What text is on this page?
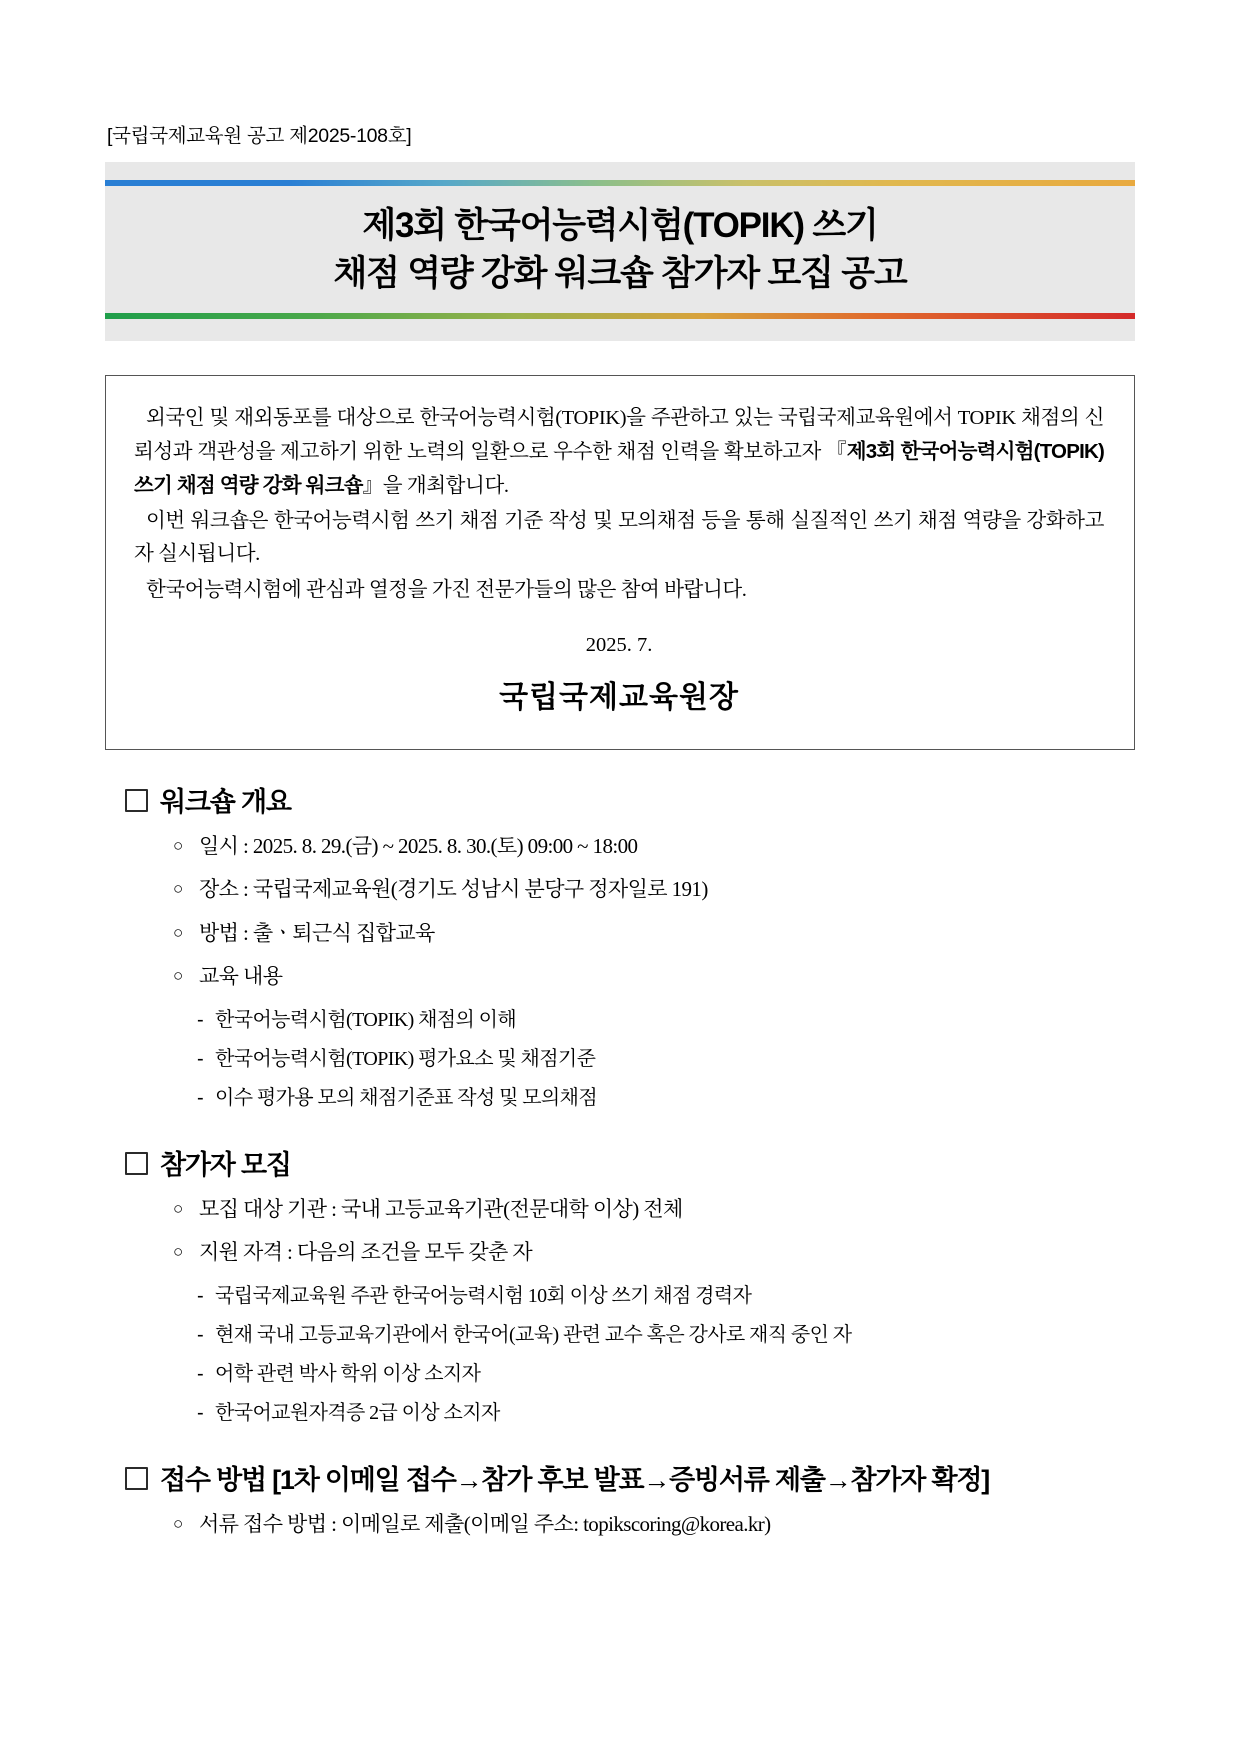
[국립국제교육원 공고 제2025-108호]
제3회 한국어능력시험(TOPIK) 쓰기
채점 역량 강화 워크숍 참가자 모집 공고

외국인 및 재외동포를 대상으로 한국어능력시험(TOPIK)을 주관하고 있는 국립국제교육원에서 TOPIK 채점의 신뢰성과 객관성을 제고하기 위한 노력의 일환으로 우수한 채점 인력을 확보하고자 『제3회 한국어능력시험(TOPIK) 쓰기 채점 역량 강화 워크숍』을 개최합니다.

이번 워크숍은 한국어능력시험 쓰기 채점 기준 작성 및 모의채점 등을 통해 실질적인 쓰기 채점 역량을 강화하고자 실시됩니다.

한국어능력시험에 관심과 열정을 가진 전문가들의 많은 참여 바랍니다.

2025. 7.
국립국제교육원장
워크숍 개요
○ 일시 : 2025. 8. 29.(금) ~ 2025. 8. 30.(토) 09:00 ~ 18:00
○ 장소 : 국립국제교육원(경기도 성남시 분당구 정자일로 191)
○ 방법 : 출ㆍ퇴근식 집합교육
○ 교육 내용
- 한국어능력시험(TOPIK) 채점의 이해
- 한국어능력시험(TOPIK) 평가요소 및 채점기준
- 이수 평가용 모의 채점기준표 작성 및 모의채점
참가자 모집
○ 모집 대상 기관 : 국내 고등교육기관(전문대학 이상) 전체
○ 지원 자격 : 다음의 조건을 모두 갖춘 자
- 국립국제교육원 주관 한국어능력시험 10회 이상 쓰기 채점 경력자
- 현재 국내 고등교육기관에서 한국어(교육) 관련 교수 혹은 강사로 재직 중인 자
- 어학 관련 박사 학위 이상 소지자
- 한국어교원자격증 2급 이상 소지자
접수 방법 [1차 이메일 접수→참가 후보 발표→증빙서류 제출→참가자 확정]
○ 서류 접수 방법 : 이메일로 제출(이메일 주소: topikscoring@korea.kr)
